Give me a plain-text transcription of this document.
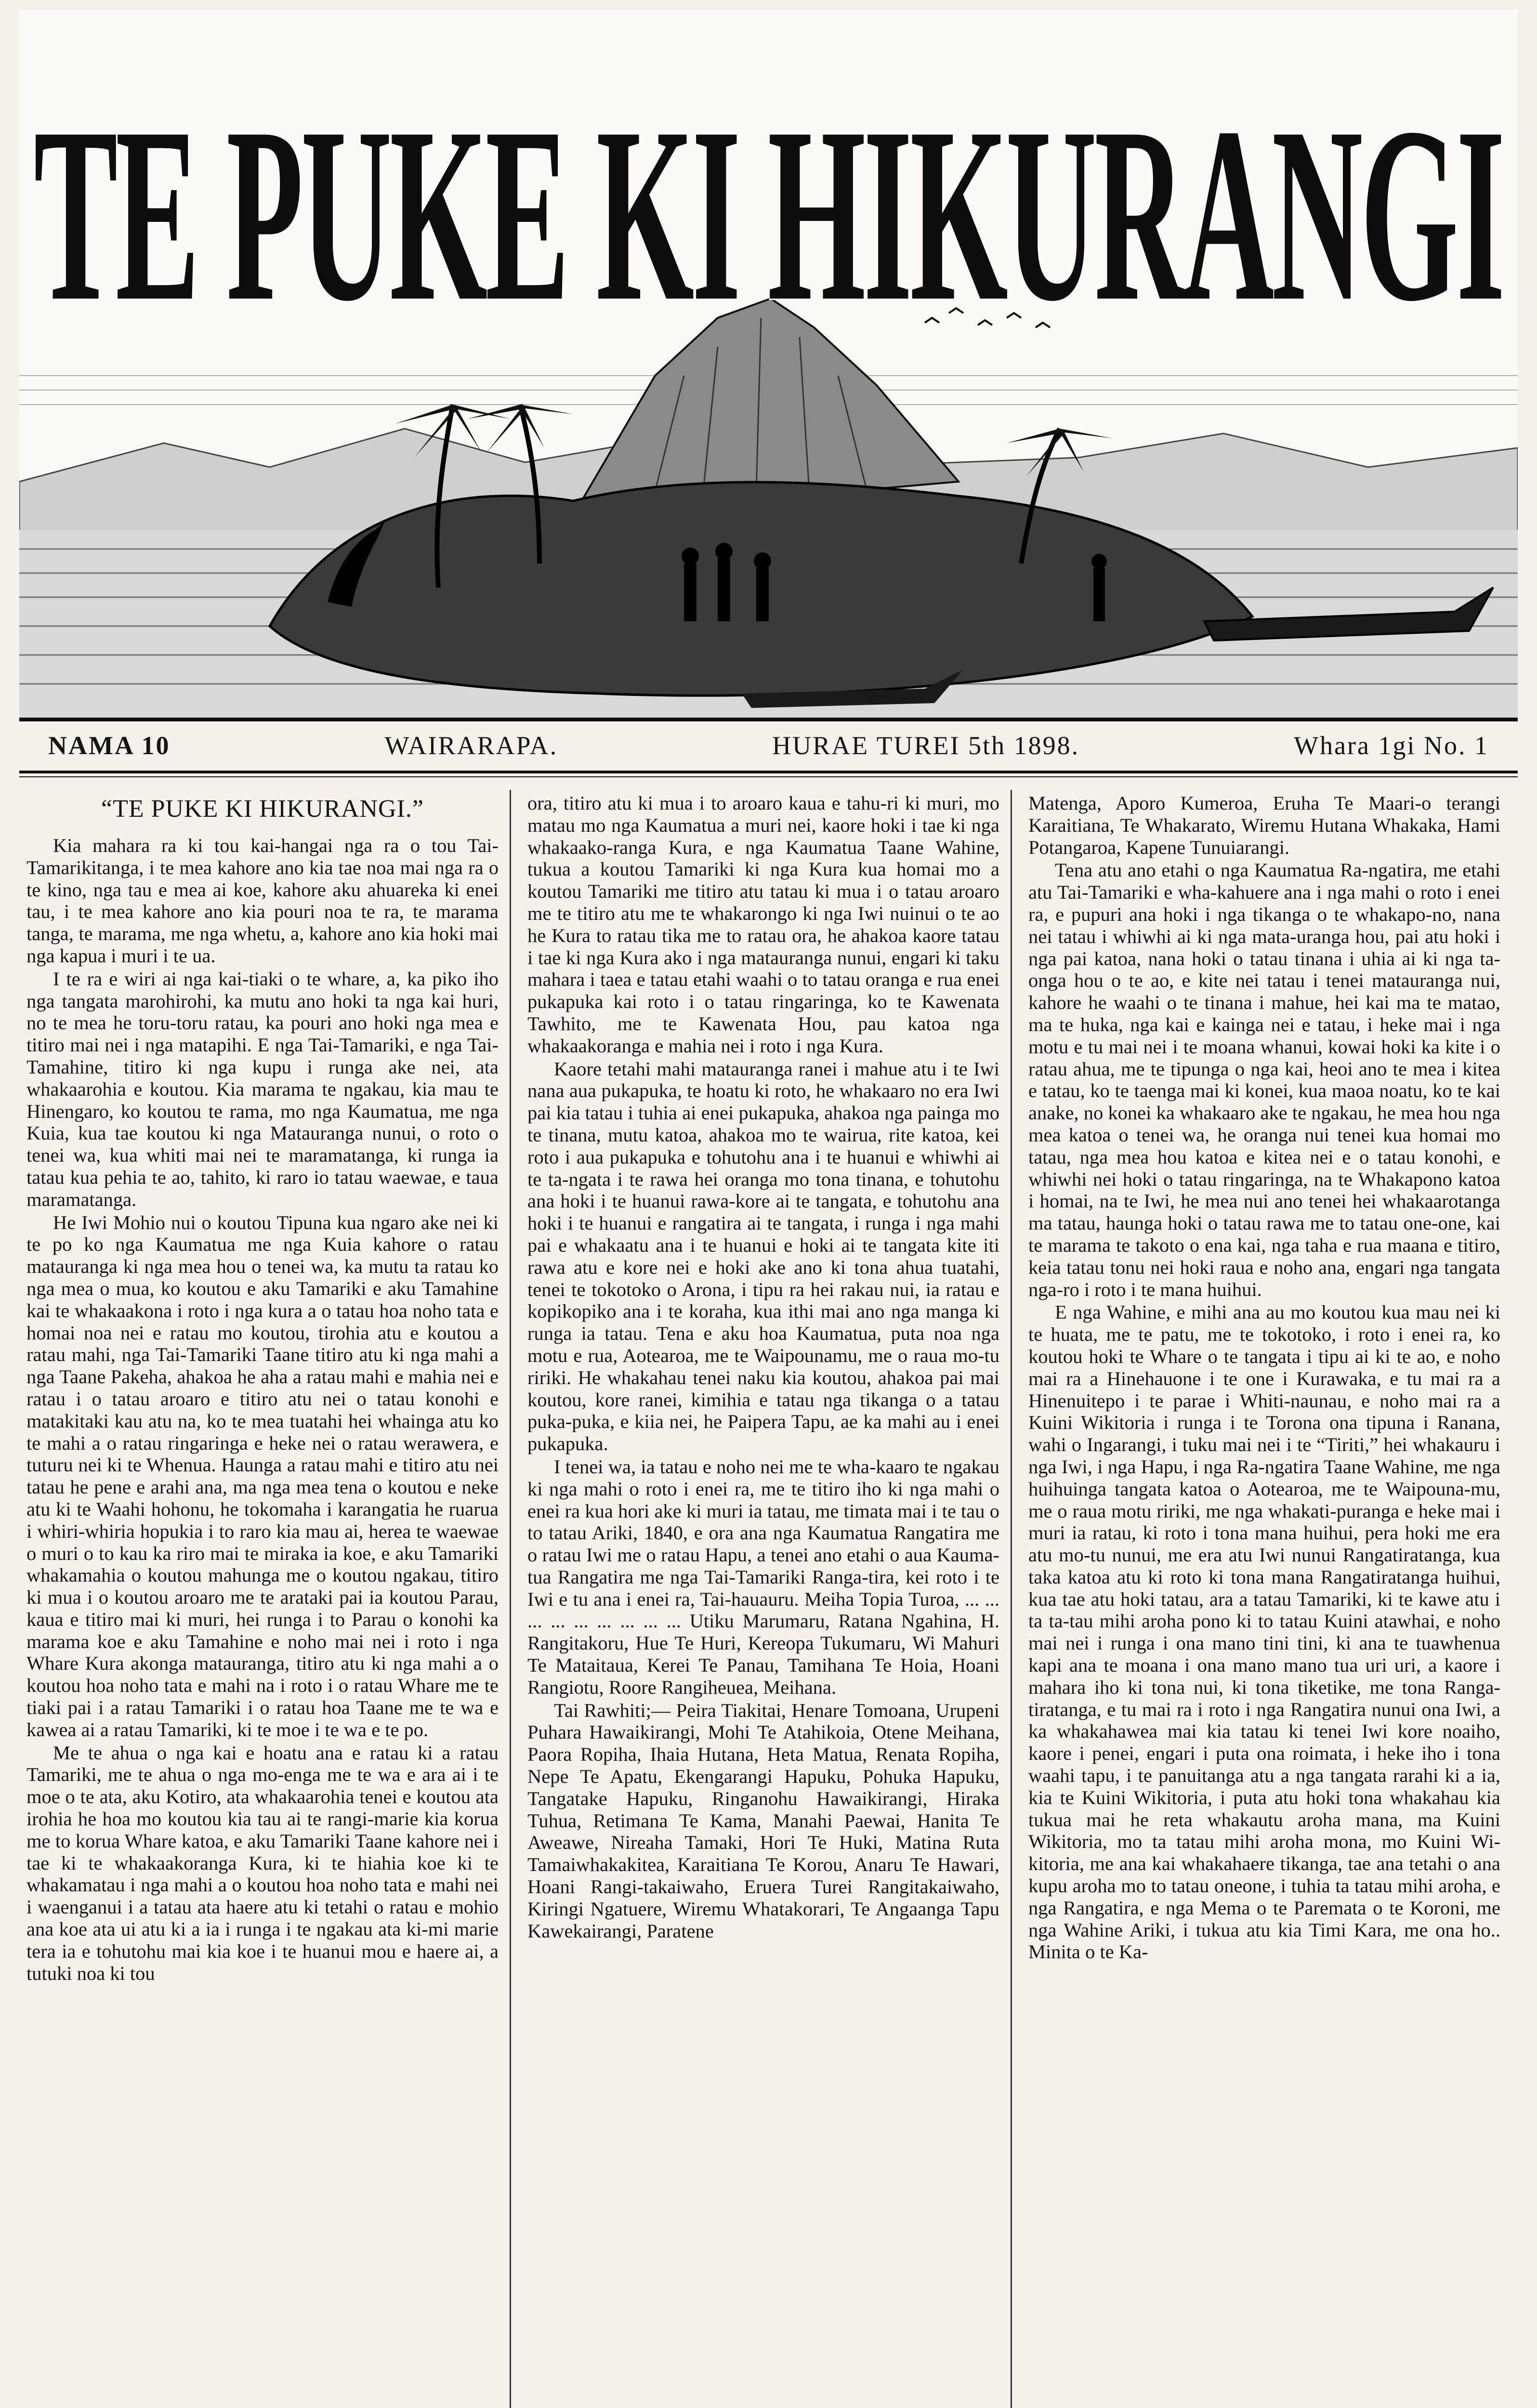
TE PUKE KI HIKURANGI
NAMA 10	WAIRARAPA.	HURAE TUREI 5th 1898.	Whara 1gi No. 1

“TE PUKE KI HIKURANGI.”

Kia mahara ra ki tou kai-hangai nga ra o tou Tai-Tamarikitanga, i te mea kahore ano kia tae noa mai nga ra o te kino, nga tau e mea ai koe, kahore aku ahuareka ki enei tau, i te mea kahore ano kia pouri noa te ra, te marama tanga, te marama, me nga whetu, a, kahore ano kia hoki mai nga kapua i muri i te ua.

I te ra e wiri ai nga kai-tiaki o te whare, a, ka piko iho nga tangata marohirohi, ka mutu ano hoki ta nga kai huri, no te mea he toru-toru ratau, ka pouri ano hoki nga mea e titiro mai nei i nga matapihi. E nga Tai-Tamariki, e nga Tai-Tamahine, titiro ki nga kupu i runga ake nei, ata whakaarohia e koutou. Kia marama te ngakau, kia mau te Hinengaro, ko koutou te rama, mo nga Kaumatua, me nga Kuia, kua tae koutou ki nga Matauranga nunui, o roto o tenei wa, kua whiti mai nei te maramatanga, ki runga ia tatau kua pehia te ao, tahito, ki raro io tatau waewae, e taua maramatanga.

He Iwi Mohio nui o koutou Tipuna kua ngaro ake nei ki te po ko nga Kaumatua me nga Kuia kahore o ratau matauranga ki nga mea hou o tenei wa, ka mutu ta ratau ko nga mea o mua, ko koutou e aku Tamariki e aku Tamahine kai te whakaakona i roto i nga kura a o tatau hoa noho tata e homai noa nei e ratau mo koutou, tirohia atu e koutou a ratau mahi, nga Tai-Tamariki Taane titiro atu ki nga mahi a nga Taane Pakeha, ahakoa he aha a ratau mahi e mahia nei e ratau i o tatau aroaro e titiro atu nei o tatau konohi e matakitaki kau atu na, ko te mea tuatahi hei whainga atu ko te mahi a o ratau ringaringa e heke nei o ratau werawera, e tuturu nei ki te Whenua. Haunga a ratau mahi e titiro atu nei tatau he pene e arahi ana, ma nga mea tena o koutou e neke atu ki te Waahi hohonu, he tokomaha i karangatia he ruarua i whiri-whiria hopukia i to raro kia mau ai, herea te waewae o muri o to kau ka riro mai te miraka ia koe, e aku Tamariki whakamahia o koutou mahunga me o koutou ngakau, titiro ki mua i o koutou aroaro me te arataki pai ia koutou Parau, kaua e titiro mai ki muri, hei runga i to Parau o konohi ka marama koe e aku Tamahine e noho mai nei i roto i nga Whare Kura akonga matauranga, titiro atu ki nga mahi a o koutou hoa noho tata e mahi na i roto i o ratau Whare me te tiaki pai i a ratau Tamariki i o ratau hoa Taane me te wa e kawea ai a ratau Tamariki, ki te moe i te wa e te po.

Me te ahua o nga kai e hoatu ana e ratau ki a ratau Tamariki, me te ahua o nga mo-enga me te wa e ara ai i te moe o te ata, aku Kotiro, ata whakaarohia tenei e koutou ata irohia he hoa mo koutou kia tau ai te rangi-marie kia korua me to korua Whare katoa, e aku Tamariki Taane kahore nei i tae ki te whakaakoranga Kura, ki te hiahia koe ki te whakamatau i nga mahi a o koutou hoa noho tata e mahi nei i waenganui i a tatau ata haere atu ki tetahi o ratau e mohio ana koe ata ui atu ki a ia i runga i te ngakau ata ki-mi marie tera ia e tohutohu mai kia koe i te huanui mou e haere ai, a tutuki noa ki tou

ora, titiro atu ki mua i to aroaro kaua e tahu-ri ki muri, mo matau mo nga Kaumatua a muri nei, kaore hoki i tae ki nga whakaako-ranga Kura, e nga Kaumatua Taane Wahine, tukua a koutou Tamariki ki nga Kura kua homai mo a koutou Tamariki me titiro atu tatau ki mua i o tatau aroaro me te titiro atu me te whakarongo ki nga Iwi nuinui o te ao he Kura to ratau tika me to ratau ora, he ahakoa kaore tatau i tae ki nga Kura ako i nga matauranga nunui, engari ki taku mahara i taea e tatau etahi waahi o to tatau oranga e rua enei pukapuka kai roto i o tatau ringaringa, ko te Kawenata Tawhito, me te Kawenata Hou, pau katoa nga whakaakoranga e mahia nei i roto i nga Kura.

Kaore tetahi mahi matauranga ranei i mahue atu i te Iwi nana aua pukapuka, te hoatu ki roto, he whakaaro no era Iwi pai kia tatau i tuhia ai enei pukapuka, ahakoa nga painga mo te tinana, mutu katoa, ahakoa mo te wairua, rite katoa, kei roto i aua pukapuka e tohutohu ana i te huanui e whiwhi ai te ta-ngata i te rawa hei oranga mo tona tinana, e tohutohu ana hoki i te huanui rawa-kore ai te tangata, e tohutohu ana hoki i te huanui e rangatira ai te tangata, i runga i nga mahi pai e whakaatu ana i te huanui e hoki ai te tangata kite iti rawa atu e kore nei e hoki ake ano ki tona ahua tuatahi, tenei te tokotoko o Arona, i tipu ra hei rakau nui, ia ratau e kopikopiko ana i te koraha, kua ithi mai ano nga manga ki runga ia tatau. Tena e aku hoa Kaumatua, puta noa nga motu e rua, Aotearoa, me te Waipounamu, me o raua mo-tu ririki. He whakahau tenei naku kia koutou, ahakoa pai mai koutou, kore ranei, kimihia e tatau nga tikanga o a tatau puka-puka, e kiia nei, he Paipera Tapu, ae ka mahi au i enei pukapuka.

I tenei wa, ia tatau e noho nei me te wha-kaaro te ngakau ki nga mahi o roto i enei ra, me te titiro iho ki nga mahi o enei ra kua hori ake ki muri ia tatau, me timata mai i te tau o to tatau Ariki, 1840, e ora ana nga Kaumatua Rangatira me o ratau Iwi me o ratau Hapu, a tenei ano etahi o aua Kauma-tua Rangatira me nga Tai-Tamariki Ranga-tira, kei roto i te Iwi e tu ana i enei ra, Tai-hauauru. Meiha Topia Turoa, ... ... ... ... ... ... ... ... ... Utiku Marumaru, Ratana Ngahina, H. Rangitakoru, Hue Te Huri, Kereopa Tukumaru, Wi Mahuri Te Mataitaua, Kerei Te Panau, Tamihana Te Hoia, Hoani Rangiotu, Roore Rangiheuea, Meihana.

Tai Rawhiti;— Peira Tiakitai, Henare Tomoana, Urupeni Puhara Hawaikirangi, Mohi Te Atahikoia, Otene Meihana, Paora Ropiha, Ihaia Hutana, Heta Matua, Renata Ropiha, Nepe Te Apatu, Ekengarangi Hapuku, Pohuka Hapuku, Tangatake Hapuku, Ringanohu Hawaikirangi, Hiraka Tuhua, Retimana Te Kama, Manahi Paewai, Hanita Te Aweawe, Nireaha Tamaki, Hori Te Huki, Matina Ruta Tamaiwhakakitea, Karaitiana Te Korou, Anaru Te Hawari, Hoani Rangi-takaiwaho, Eruera Turei Rangitakaiwaho, Kiringi Ngatuere, Wiremu Whatakorari, Te Angaanga Tapu Kawekairangi, Paratene

Matenga, Aporo Kumeroa, Eruha Te Maari-o terangi Karaitiana, Te Whakarato, Wiremu Hutana Whakaka, Hami Potangaroa, Kapene Tunuiarangi.

Tena atu ano etahi o nga Kaumatua Ra-ngatira, me etahi atu Tai-Tamariki e wha-kahuere ana i nga mahi o roto i enei ra, e pupuri ana hoki i nga tikanga o te whakapo-no, nana nei tatau i whiwhi ai ki nga mata-uranga hou, pai atu hoki i nga pai katoa, nana hoki o tatau tinana i uhia ai ki nga ta-onga hou o te ao, e kite nei tatau i tenei matauranga nui, kahore he waahi o te tinana i mahue, hei kai ma te matao, ma te huka, nga kai e kainga nei e tatau, i heke mai i nga motu e tu mai nei i te moana whanui, kowai hoki ka kite i o ratau ahua, me te tipunga o nga kai, heoi ano te mea i kitea e tatau, ko te taenga mai ki konei, kua maoa noatu, ko te kai anake, no konei ka whakaaro ake te ngakau, he mea hou nga mea katoa o tenei wa, he oranga nui tenei kua homai mo tatau, nga mea hou katoa e kitea nei e o tatau konohi, e whiwhi nei hoki o tatau ringaringa, na te Whakapono katoa i homai, na te Iwi, he mea nui ano tenei hei whakaarotanga ma tatau, haunga hoki o tatau rawa me to tatau one-one, kai te marama te takoto o ena kai, nga taha e rua maana e titiro, keia tatau tonu nei hoki raua e noho ana, engari nga tangata nga-ro i roto i te mana huihui.

E nga Wahine, e mihi ana au mo koutou kua mau nei ki te huata, me te patu, me te tokotoko, i roto i enei ra, ko koutou hoki te Whare o te tangata i tipu ai ki te ao, e noho mai ra a Hinehauone i te one i Kurawaka, e tu mai ra a Hinenuitepo i te parae i Whiti-naunau, e noho mai ra a Kuini Wikitoria i runga i te Torona ona tipuna i Ranana, wahi o Ingarangi, i tuku mai nei i te “Tiriti,” hei whakauru i nga Iwi, i nga Hapu, i nga Ra-ngatira Taane Wahine, me nga huihuinga tangata katoa o Aotearoa, me te Waipouna-mu, me o raua motu ririki, me nga whakati-puranga e heke mai i muri ia ratau, ki roto i tona mana huihui, pera hoki me era atu mo-tu nunui, me era atu Iwi nunui Rangatiratanga, kua taka katoa atu ki roto ki tona mana Rangatiratanga huihui, kua tae atu hoki tatau, ara a tatau Tamariki, ki te kawe atu i ta ta-tau mihi aroha pono ki to tatau Kuini atawhai, e noho mai nei i runga i ona mano tini tini, ki ana te tuawhenua kapi ana te moana i ona mano mano tua uri uri, a kaore i mahara iho ki tona nui, ki tona tiketike, me tona Ranga-tiratanga, e tu mai ra i roto i nga Rangatira nunui ona Iwi, a ka whakahawea mai kia tatau ki tenei Iwi kore noaiho, kaore i penei, engari i puta ona roimata, i heke iho i tona waahi tapu, i te panuitanga atu a nga tangata rarahi ki a ia, kia te Kuini Wikitoria, i puta atu hoki tona whakahau kia tukua mai he reta whakautu aroha mana, ma Kuini Wikitoria, mo ta tatau mihi aroha mona, mo Kuini Wi-kitoria, me ana kai whakahaere tikanga, tae ana tetahi o ana kupu aroha mo to tatau oneone, i tuhia ta tatau mihi aroha, e nga Rangatira, e nga Mema o te Paremata o te Koroni, me nga Wahine Ariki, i tukua atu kia Timi Kara, me ona ho.. Minita o te Ka-
